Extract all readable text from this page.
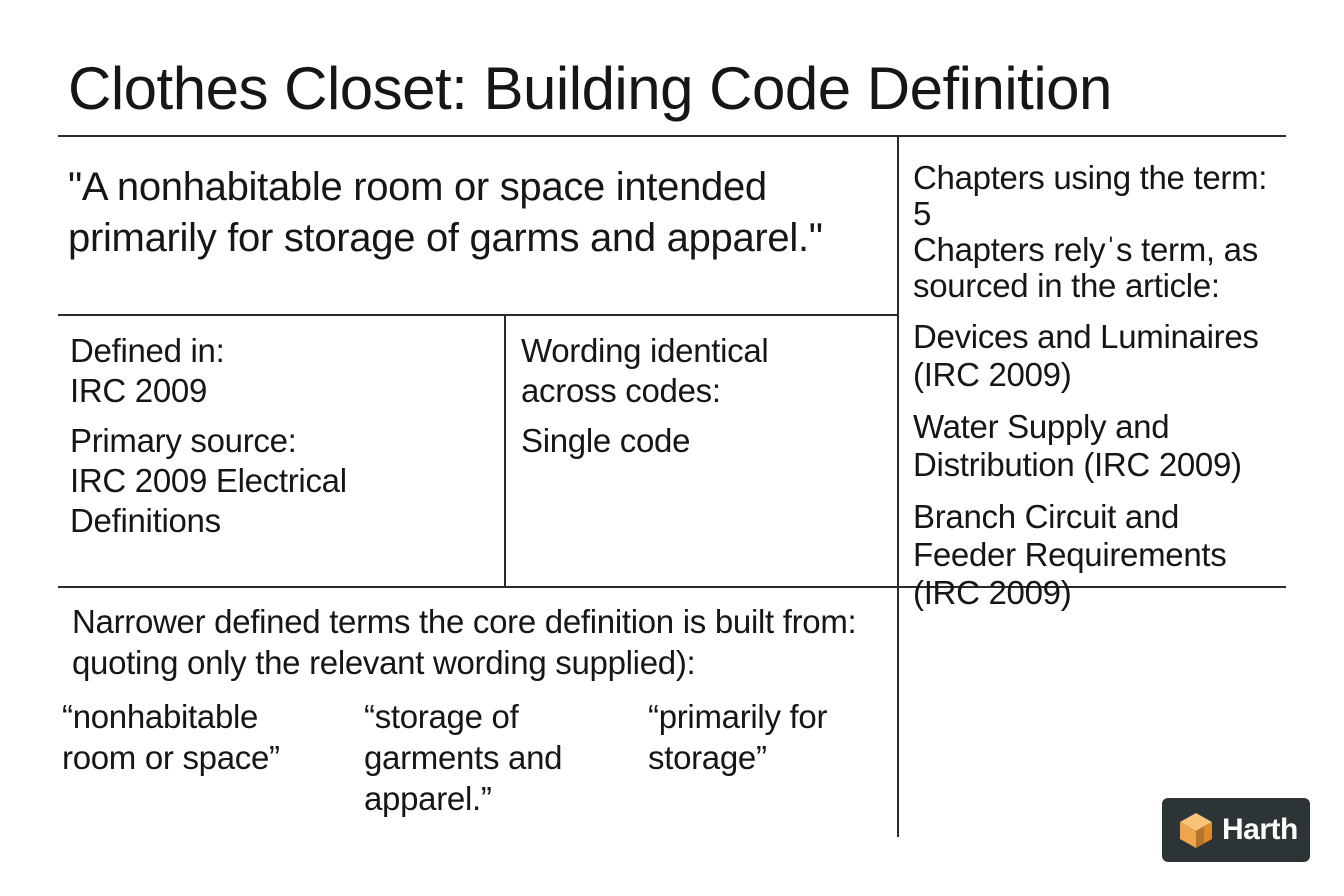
Clothes Closet: Building Code Definition
"A nonhabitable room or space intended primarily for storage of garms and apparel."
Defined in:
IRC 2009
Primary source:
IRC 2009 Electrical Definitions
Wording identical across codes:
Single code
Chapters using the term:
5
Chapters relyˈs term, as sourced in the article:
Devices and Luminaires (IRC 2009)
Water Supply and Distribution (IRC 2009)
Branch Circuit and Feeder Requirements (IRC 2009)
Narrower defined terms the core definition is built from: quoting only the relevant wording supplied):
“nonhabitable room or space”
“storage of garments and apparel.”
“primarily for storage”
Harth
